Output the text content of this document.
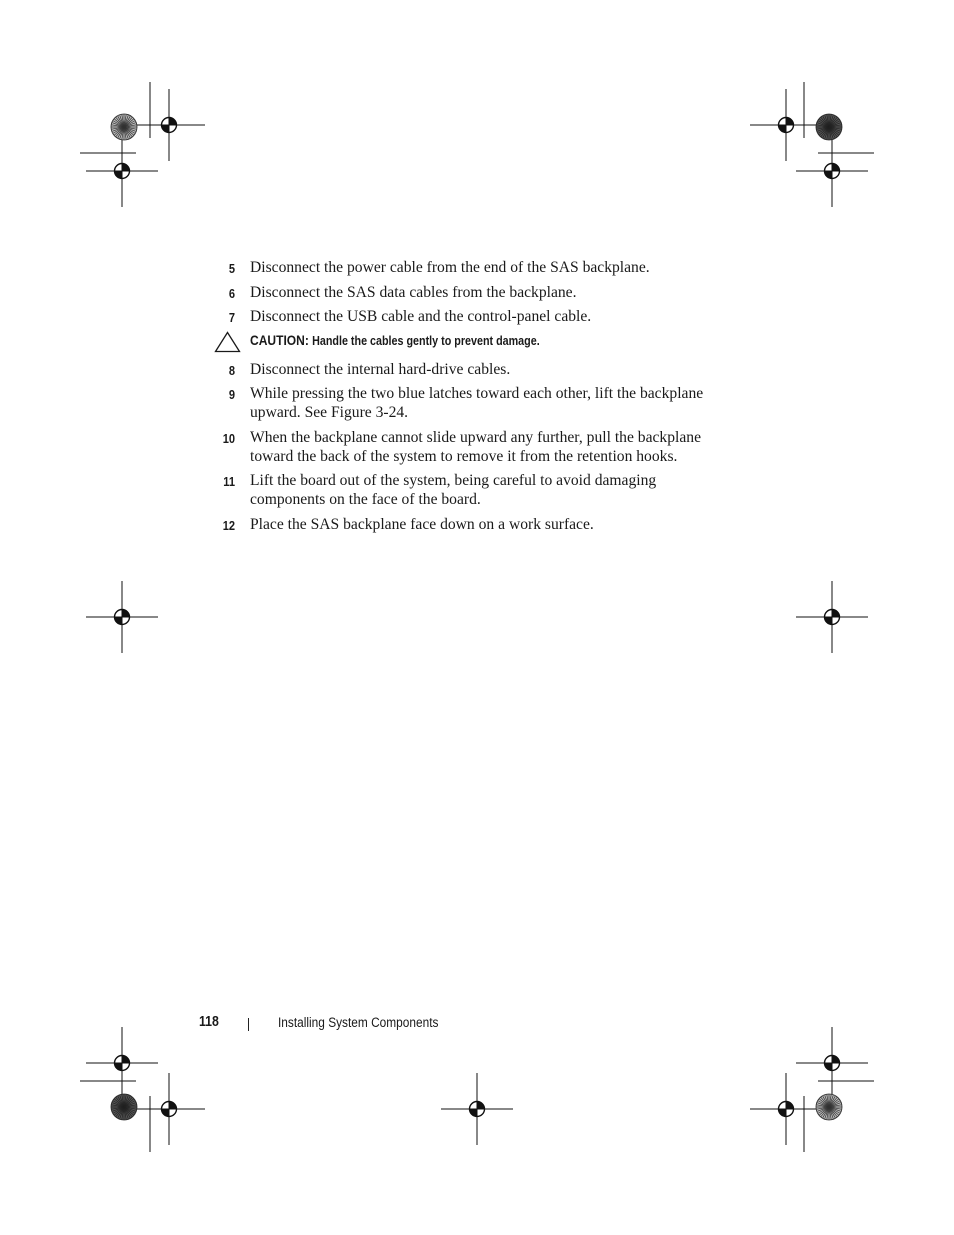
5 Disconnect the power cable from the end of the SAS backplane.
6 Disconnect the SAS data cables from the backplane.
7 Disconnect the USB cable and the control-panel cable.
CAUTION: Handle the cables gently to prevent damage.
8 Disconnect the internal hard-drive cables.
9 While pressing the two blue latches toward each other, lift the backplane upward. See Figure 3-24.
10 When the backplane cannot slide upward any further, pull the backplane toward the back of the system to remove it from the retention hooks.
11 Lift the board out of the system, being careful to avoid damaging components on the face of the board.
12 Place the SAS backplane face down on a work surface.
118	Installing System Components
